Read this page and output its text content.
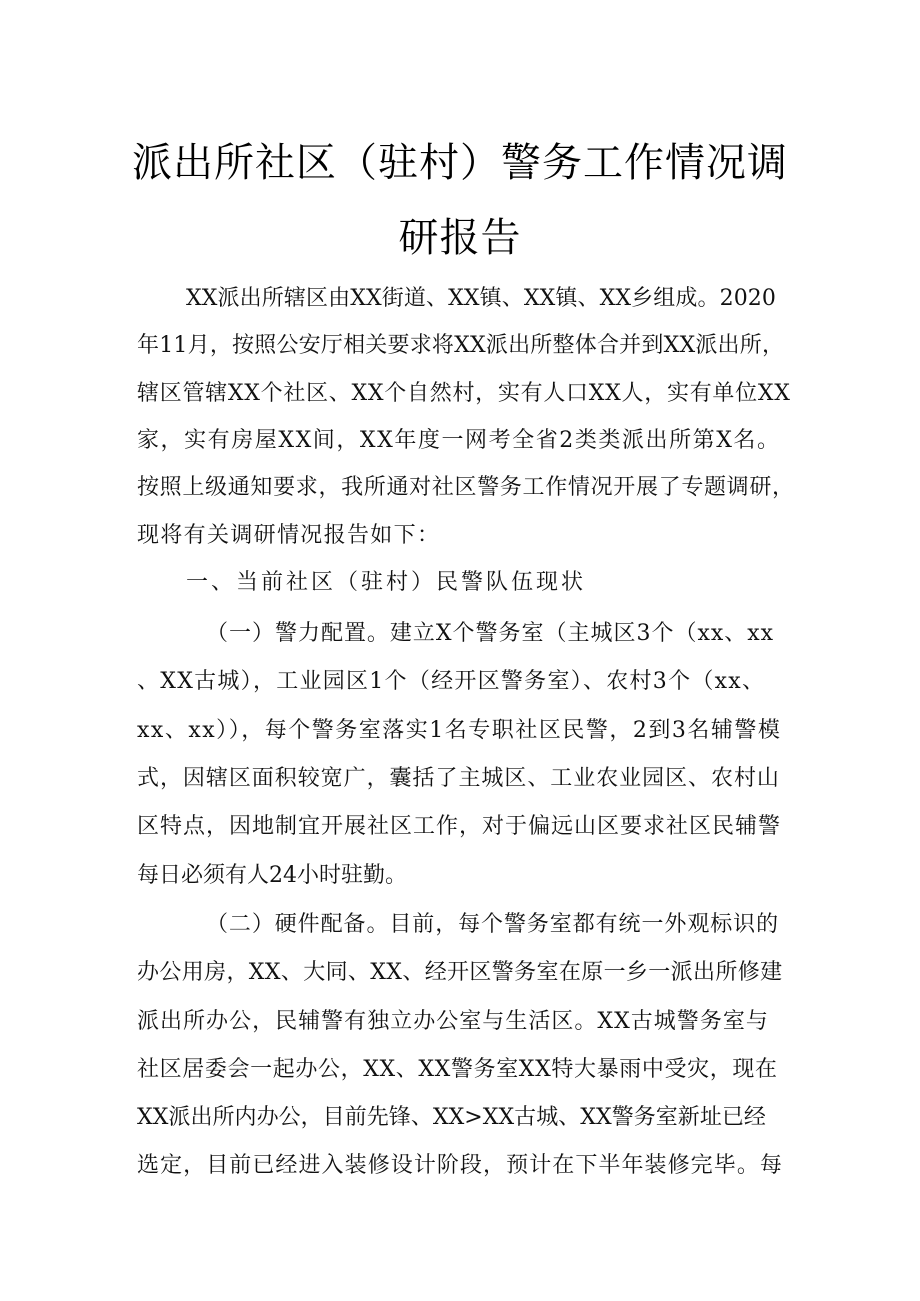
派出所社区（驻村）警务工作情况调
研报告
XX派出所辖区由XX街道、XX镇、XX镇、XX乡组成。2020
年11月，按照公安厅相关要求将XX派出所整体合并到XX派出所，
辖区管辖XX个社区、XX个自然村，实有人口XX人，实有单位XX
家，实有房屋XX间，XX年度一网考全省2类类派出所第X名。
按照上级通知要求，我所通对社区警务工作情况开展了专题调研，
现将有关调研情况报告如下：
一、当前社区（驻村）民警队伍现状
（一）警力配置。建立X个警务室（主城区3个（xx、xx
、XX古城），工业园区1个（经开区警务室）、农村3个（xx、
xx、xx）），每个警务室落实1名专职社区民警，2到3名辅警模
式，因辖区面积较宽广，囊括了主城区、工业农业园区、农村山
区特点，因地制宜开展社区工作，对于偏远山区要求社区民辅警
每日必须有人24小时驻勤。
（二）硬件配备。目前，每个警务室都有统一外观标识的
办公用房，XX、大同、XX、经开区警务室在原一乡一派出所修建
派出所办公，民辅警有独立办公室与生活区。XX古城警务室与
社区居委会一起办公，XX、XX警务室XX特大暴雨中受灾，现在
XX派出所内办公，目前先锋、XX>XX古城、XX警务室新址已经
选定，目前已经进入装修设计阶段，预计在下半年装修完毕。每
